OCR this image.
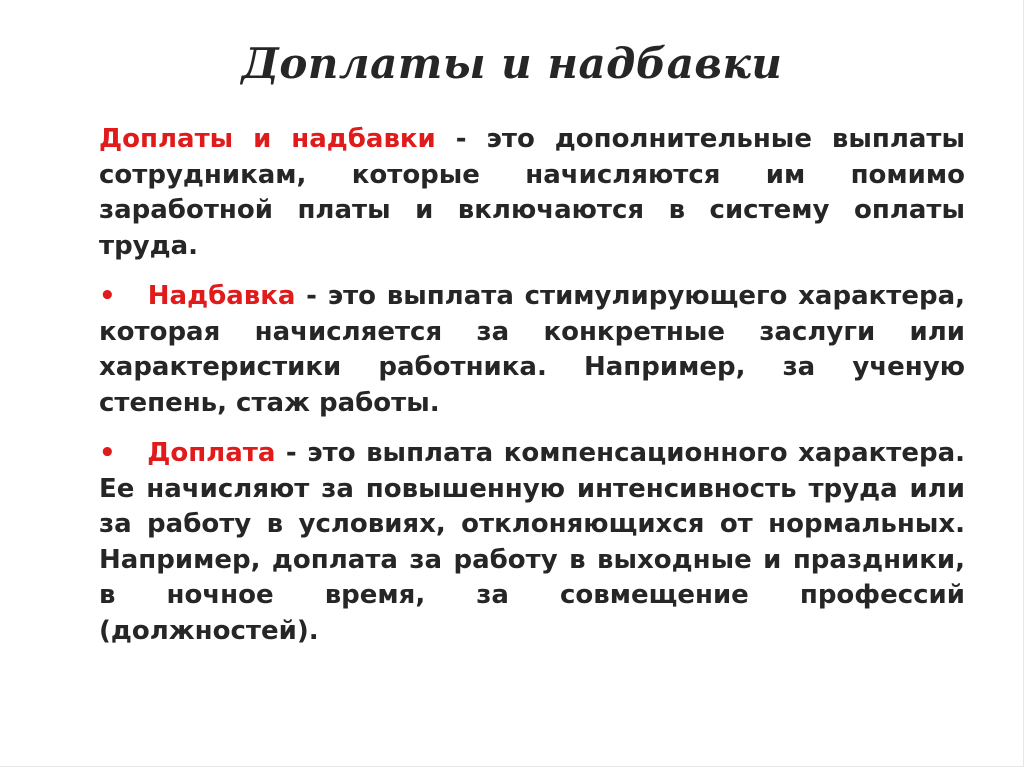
Доплаты и надбавки

Доплаты и надбавки - это дополнительные выплаты сотрудникам, которые начисляются им помимо заработной платы и включаются в систему оплаты труда.

• Надбавка - это выплата стимулирующего характера, которая начисляется за конкретные заслуги или характеристики работника. Например, за ученую степень, стаж работы.

• Доплата - это выплата компенсационного характера. Ее начисляют за повышенную интенсивность труда или за работу в условиях, отклоняющихся от нормальных. Например, доплата за работу в выходные и праздники, в ночное время, за совмещение профессий (должностей).
